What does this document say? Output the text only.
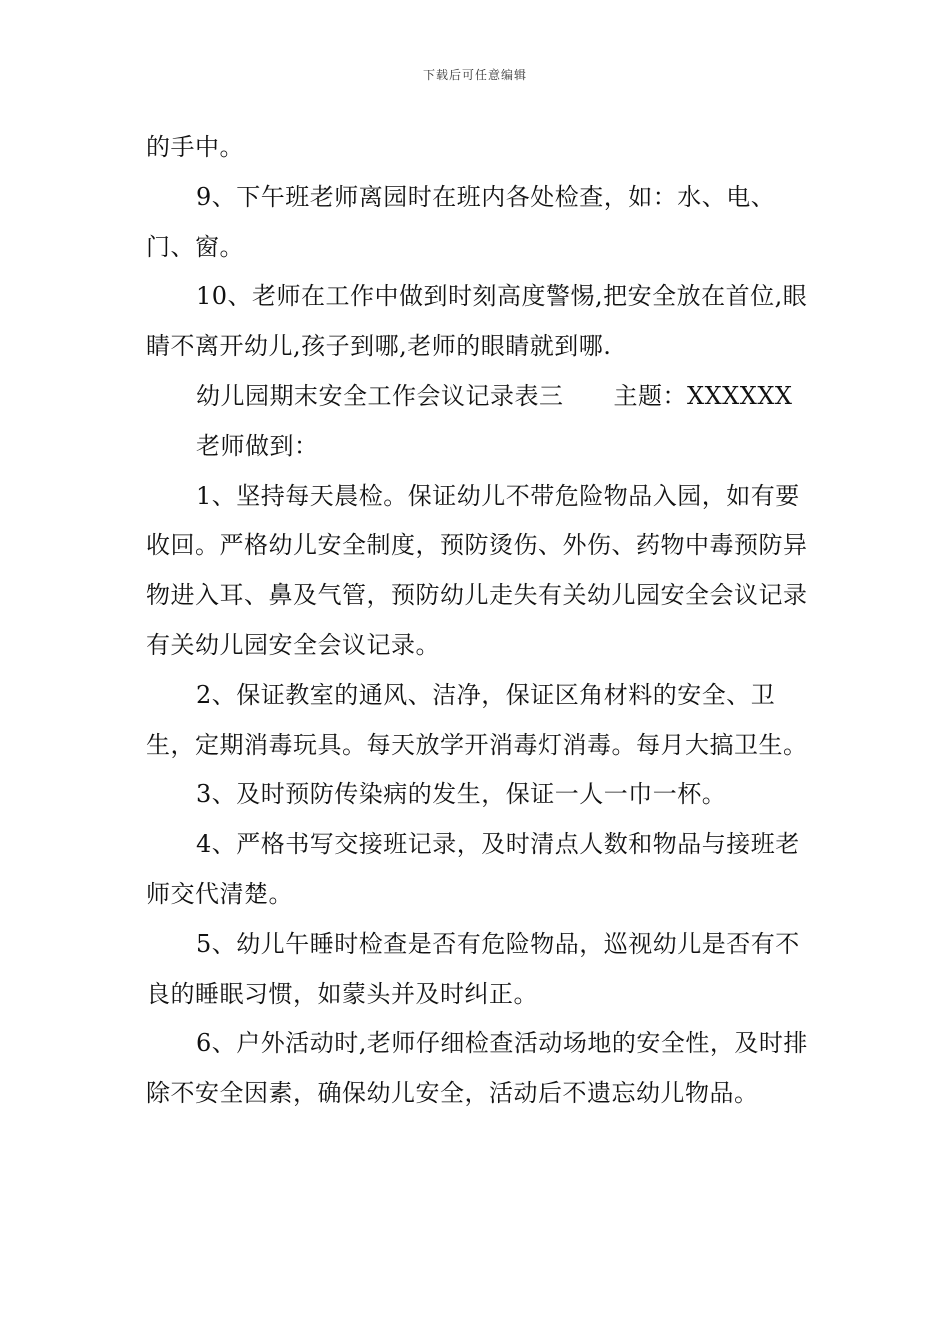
下载后可任意编辑

的手中。

9、下午班老师离园时在班内各处检查，如：水、电、门、窗。

10、老师在工作中做到时刻高度警惕,把安全放在首位,眼睛不离开幼儿,孩子到哪,老师的眼睛就到哪.

幼儿园期末安全工作会议记录表三 主题：XXXXXX

老师做到：

1、坚持每天晨检。保证幼儿不带危险物品入园，如有要收回。严格幼儿安全制度，预防烫伤、外伤、药物中毒预防异物进入耳、鼻及气管，预防幼儿走失有关幼儿园安全会议记录有关幼儿园安全会议记录。

2、保证教室的通风、洁净，保证区角材料的安全、卫生，定期消毒玩具。每天放学开消毒灯消毒。每月大搞卫生。

3、及时预防传染病的发生，保证一人一巾一杯。

4、严格书写交接班记录，及时清点人数和物品与接班老师交代清楚。

5、幼儿午睡时检查是否有危险物品，巡视幼儿是否有不良的睡眠习惯，如蒙头并及时纠正。

6、户外活动时,老师仔细检查活动场地的安全性，及时排除不安全因素，确保幼儿安全，活动后不遗忘幼儿物品。
